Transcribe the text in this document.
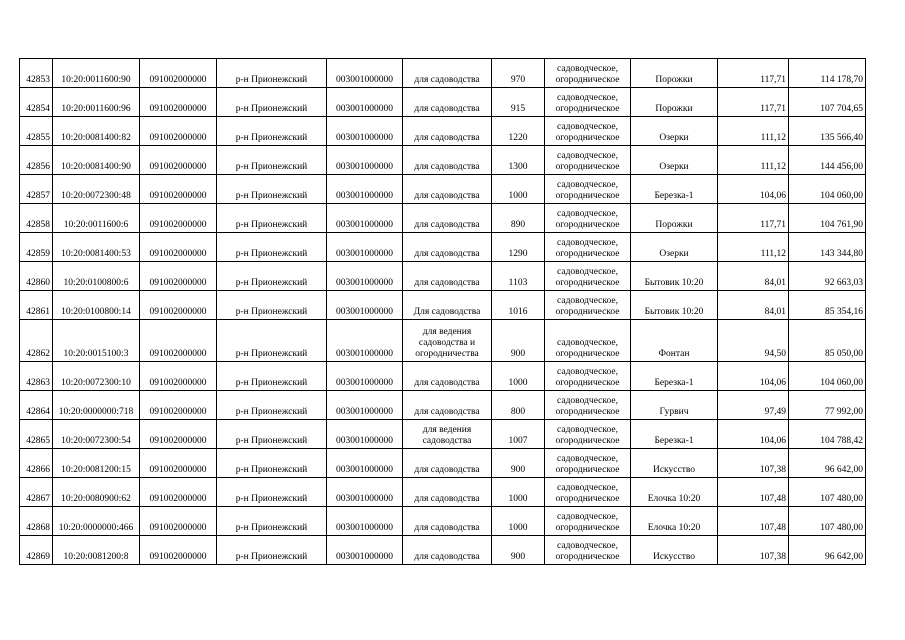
42853	10:20:0011600:90	091002000000	р-н Прионежский	003001000000	для садоводства	970	садоводческое, огородническое	Порожки	117,71	114 178,70
42854	10:20:0011600:96	091002000000	р-н Прионежский	003001000000	для садоводства	915	садоводческое, огородническое	Порожки	117,71	107 704,65
42855	10:20:0081400:82	091002000000	р-н Прионежский	003001000000	для садоводства	1220	садоводческое, огородническое	Озерки	111,12	135 566,40
42856	10:20:0081400:90	091002000000	р-н Прионежский	003001000000	для садоводства	1300	садоводческое, огородническое	Озерки	111,12	144 456,00
42857	10:20:0072300:48	091002000000	р-н Прионежский	003001000000	для садоводства	1000	садоводческое, огородническое	Березка-1	104,06	104 060,00
42858	10:20:0011600:6	091002000000	р-н Прионежский	003001000000	для садоводства	890	садоводческое, огородническое	Порожки	117,71	104 761,90
42859	10:20:0081400:53	091002000000	р-н Прионежский	003001000000	для садоводства	1290	садоводческое, огородническое	Озерки	111,12	143 344,80
42860	10:20:0100800:6	091002000000	р-н Прионежский	003001000000	для садоводства	1103	садоводческое, огородническое	Бытовик 10:20	84,01	92 663,03
42861	10:20:0100800:14	091002000000	р-н Прионежский	003001000000	Для садоводства	1016	садоводческое, огородническое	Бытовик 10:20	84,01	85 354,16
42862	10:20:0015100:3	091002000000	р-н Прионежский	003001000000	для ведения садоводства и огородничества	900	садоводческое, огородническое	Фонтан	94,50	85 050,00
42863	10:20:0072300:10	091002000000	р-н Прионежский	003001000000	для садоводства	1000	садоводческое, огородническое	Березка-1	104,06	104 060,00
42864	10:20:0000000:718	091002000000	р-н Прионежский	003001000000	для садоводства	800	садоводческое, огородническое	Гурвич	97,49	77 992,00
42865	10:20:0072300:54	091002000000	р-н Прионежский	003001000000	для ведения садоводства	1007	садоводческое, огородническое	Березка-1	104,06	104 788,42
42866	10:20:0081200:15	091002000000	р-н Прионежский	003001000000	для садоводства	900	садоводческое, огородническое	Искусство	107,38	96 642,00
42867	10:20:0080900:62	091002000000	р-н Прионежский	003001000000	для садоводства	1000	садоводческое, огородническое	Елочка 10:20	107,48	107 480,00
42868	10:20:0000000:466	091002000000	р-н Прионежский	003001000000	для садоводства	1000	садоводческое, огородническое	Елочка 10:20	107,48	107 480,00
42869	10:20:0081200:8	091002000000	р-н Прионежский	003001000000	для садоводства	900	садоводческое, огородническое	Искусство	107,38	96 642,00
